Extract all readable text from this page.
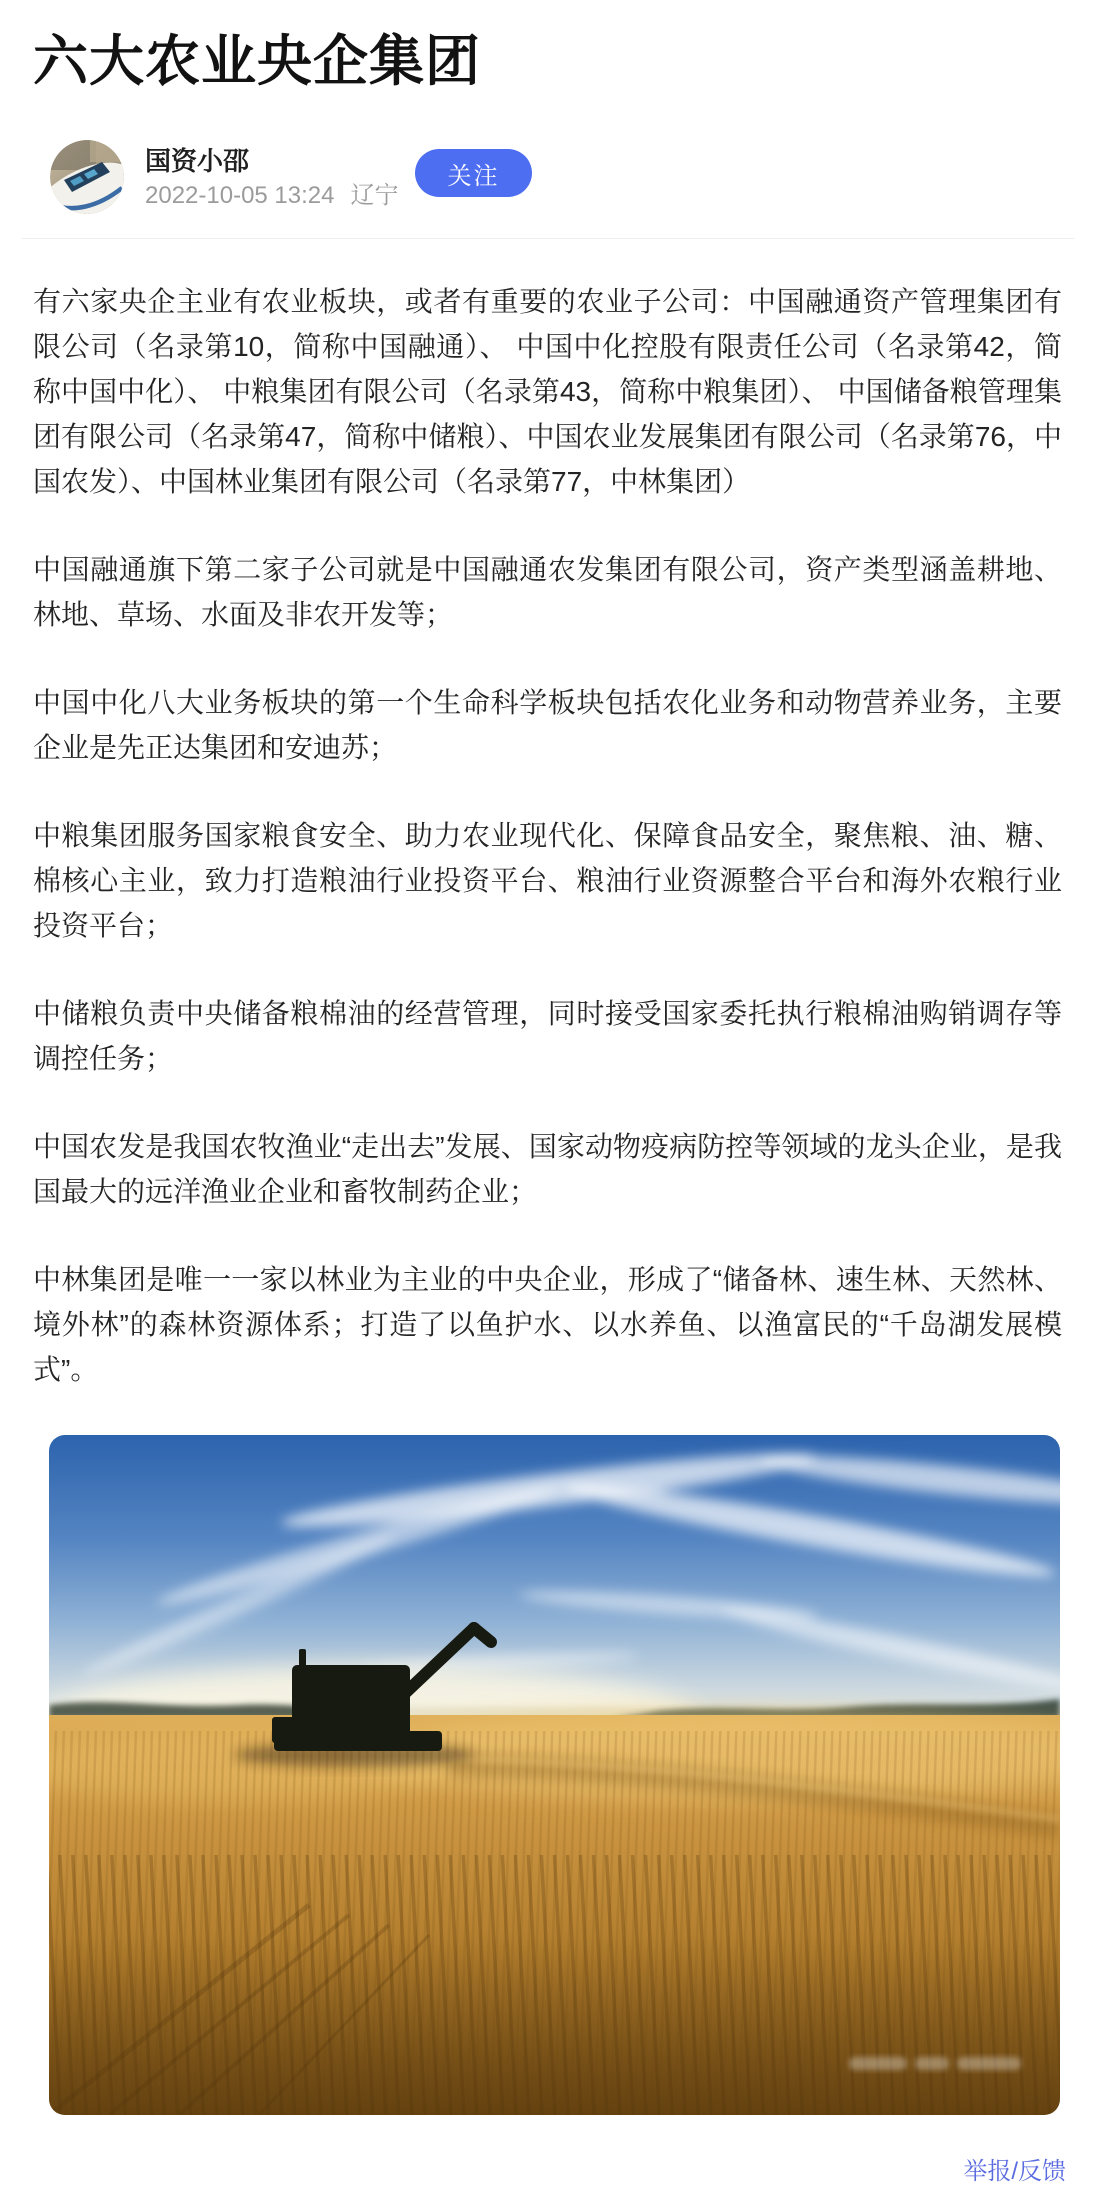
六大农业央企集团
国资小邵
2022-10-05 13:24 辽宁
关注

有六家央企主业有农业板块，或者有重要的农业子公司：中国融通资产管理集团有限公司（名录第10，简称中国融通）、 中国中化控股有限责任公司（名录第42，简称中国中化）、 中粮集团有限公司（名录第43，简称中粮集团）、 中国储备粮管理集团有限公司（名录第47，简称中储粮）、中国农业发展集团有限公司（名录第76，中国农发）、中国林业集团有限公司（名录第77，中林集团）

中国融通旗下第二家子公司就是中国融通农发集团有限公司，资产类型涵盖耕地、林地、草场、水面及非农开发等；

中国中化八大业务板块的第一个生命科学板块包括农化业务和动物营养业务，主要企业是先正达集团和安迪苏；

中粮集团服务国家粮食安全、助力农业现代化、保障食品安全，聚焦粮、油、糖、棉核心主业，致力打造粮油行业投资平台、粮油行业资源整合平台和海外农粮行业投资平台；

中储粮负责中央储备粮棉油的经营管理，同时接受国家委托执行粮棉油购销调存等调控任务；

中国农发是我国农牧渔业“走出去”发展、国家动物疫病防控等领域的龙头企业，是我国最大的远洋渔业企业和畜牧制药企业；

中林集团是唯一一家以林业为主业的中央企业，形成了“储备林、速生林、天然林、境外林”的森林资源体系；打造了以鱼护水、以水养鱼、以渔富民的“千岛湖发展模式”。

举报/反馈
